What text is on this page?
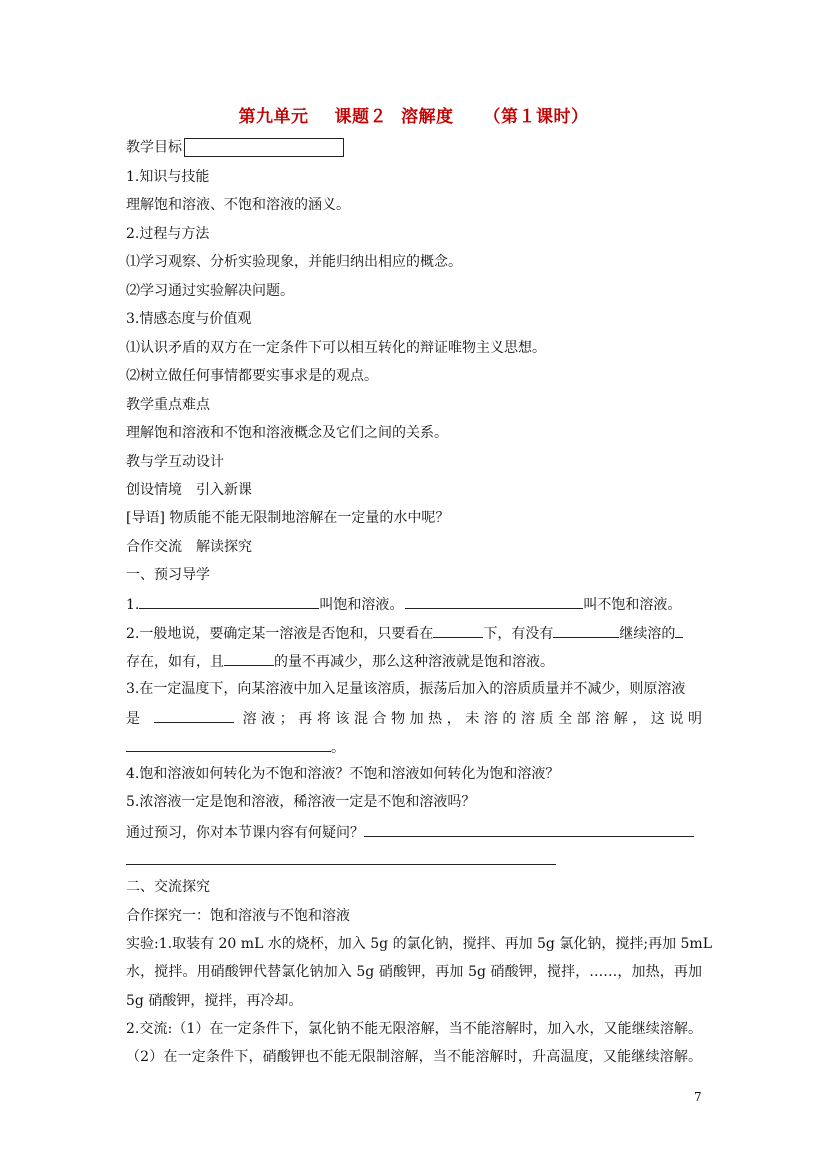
第九单元 课题２ 溶解度 （第１课时）
教学目标
1.知识与技能
理解饱和溶液、不饱和溶液的涵义。
2.过程与方法
⑴学习观察、分析实验现象，并能归纳出相应的概念。
⑵学习通过实验解决问题。
3.情感态度与价值观
⑴认识矛盾的双方在一定条件下可以相互转化的辩证唯物主义思想。
⑵树立做任何事情都要实事求是的观点。
教学重点难点
理解饱和溶液和不饱和溶液概念及它们之间的关系。
教与学互动设计
创设情境　引入新课
[导语] 物质能不能无限制地溶解在一定量的水中呢？
合作交流　解读探究
一、预习导学
1.	叫饱和溶液。	叫不饱和溶液。
2.一般地说，要确定某一溶液是否饱和，只要看在	下，有没有	继续溶的
存在，如有，且	的量不再减少，那么这种溶液就是饱和溶液。
3.在一定温度下，向某溶液中加入足量该溶质，振荡后加入的溶质质量并不减少，则原溶液
是	溶液；再将该混合物加热，未溶的溶质全部溶解，这说明
。
4.饱和溶液如何转化为不饱和溶液？不饱和溶液如何转化为饱和溶液？
5.浓溶液一定是饱和溶液，稀溶液一定是不饱和溶液吗？
通过预习，你对本节课内容有何疑问？
二、交流探究
合作探究一：饱和溶液与不饱和溶液
实验:1.取装有 20 mL 水的烧杯，加入 5g 的氯化钠，搅拌、再加 5g 氯化钠，搅拌;再加 5mL
水，搅拌。用硝酸钾代替氯化钠加入 5g 硝酸钾，再加 5g 硝酸钾，搅拌，……，加热，再加
5g 硝酸钾，搅拌，再冷却。
2.交流:（1）在一定条件下，氯化钠不能无限溶解，当不能溶解时，加入水，又能继续溶解。
（2）在一定条件下，硝酸钾也不能无限制溶解，当不能溶解时，升高温度，又能继续溶解。
7
